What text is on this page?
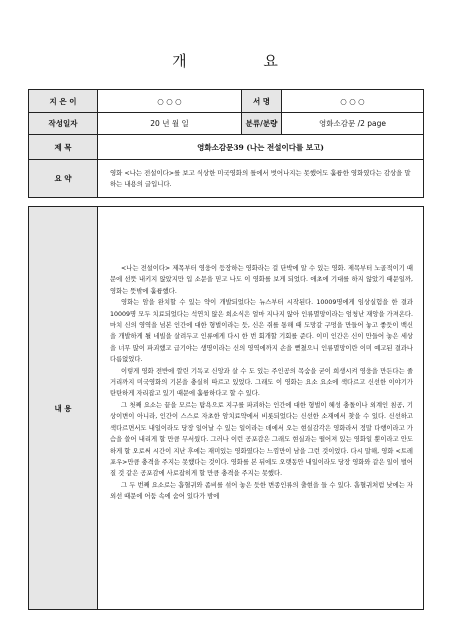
개 요
지 은 이	○ ○ ○	서 명	○ ○ ○
작성일자	20 년 월 일	분류/분량	영화소감문 /2 page
제 목	영화소감문39 (나는 전설이다를 보고)		
요 약	영화 <나는 전설이다>를 보고 식상한 미국영화의 틀에서 벗어나지는 못했어도 훌륭한 영화였다는 감상을 말하는 내용의 글입니다.		

내 용	<나는 전설이다> 제목부터 영웅이 등장하는 영화라는 걸 단박에 알 수 있는 영화. 제목부터 노골적이기 때문에 선뜻 내키지 않았지만 입 소문을 믿고 나도 이 영화를 보게 되었다. 애초에 기대를 하지 않았기 때문일까, 영화는 뜻밖에 훌륭했다.

영화는 암을 완치할 수 있는 약이 개발되었다는 뉴스부터 시작된다. 10009명에게 임상실험을 한 결과 10009명 모두 치료되었다는 석연치 않은 희소식은 얼마 지나지 않아 인류멸망이라는 엄청난 재앙을 가져온다. 마치 신의 영역을 넘본 인간에 대한 형벌이라는 듯, 신은 쥐를 통해 때 도망갈 구멍을 만들어 놓고 좋듯이 백신을 개발하게 될 네빌을 살려두고 인류에게 다시 한 번 회개할 기회를 준다. 이미 인간은 신이 만들어 놓은 세상을 너무 많이 파괴했고 급기야는 생명이라는 신의 영역에까지 손을 뻗쳤으니 인류멸망이란 이미 예고된 결과나 다름없었다.

이렇게 영화 전반에 깔린 기독교 신앙과 살 수 도 있는 주인공의 목숨을 굳이 희생시켜 영웅을 만든다는 줄거리까지 미국영화의 기본을 충실히 따르고 있었다. 그래도 이 영화는 요소 요소에 색다르고 신선한 이야기가 탄탄하게 자리잡고 있기 때문에 훌륭하다고 할 수 있다.

그 첫째 요소는 끝을 모르는 탐욕으로 지구를 파괴하는 인간에 대한 형벌이 혜성 충돌이나 외계인 침공, 기상이변이 아니라, 인간이 스스로 자초한 암치료약에서 비롯되었다는 신선한 소재에서 찾을 수 있다. 신선하고 색다르면서도 내일이라도 당장 일어날 수 있는 일이라는 데에서 오는 현실감각은 영화라서 정말 다행이라고 가슴을 쓸어 내리게 할 만큼 무서웠다. 그러나 이런 공포감은 그래도 현실과는 떨어져 있는 영화일 뿐이라고 안도하게 할 오로써 시간이 지난 후에는 재미있는 영화였다는 느낌만이 남을 그런 것이었다. 다시 말해, 영화 <트레포우>만큼 충격을 주지는 못했다는 것이다. 영화를 본 뒤에도 오랫동안 내일이라도 당장 영화와 같은 일이 벌어질 것 같은 공포감에 사로잡히게 할 만큼 충격을 주지는 못했다.

그 두 번째 요소로는 흡혈귀와 좀비를 섞어 놓은 듯한 변종인류의 출현을 들 수 있다. 흡혈귀처럼 낮에는 자외선 때문에 어둠 속에 숨어 있다가 밤에		
